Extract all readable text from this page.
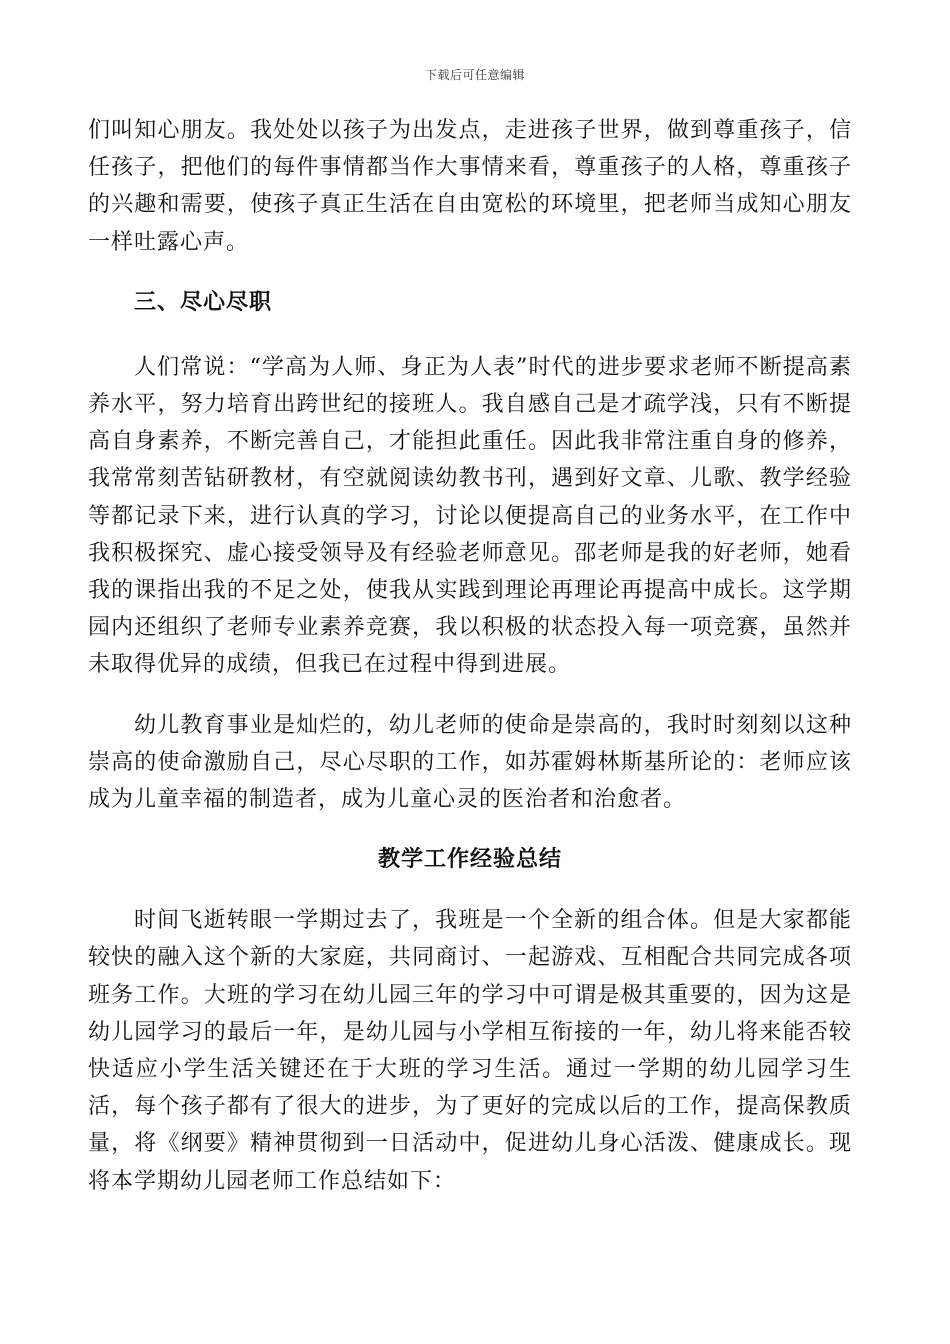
下载后可任意编辑

们叫知心朋友。我处处以孩子为出发点，走进孩子世界，做到尊重孩子，信任孩子，把他们的每件事情都当作大事情来看，尊重孩子的人格，尊重孩子的兴趣和需要，使孩子真正生活在自由宽松的环境里，把老师当成知心朋友一样吐露心声。

三、尽心尽职

人们常说：“学高为人师、身正为人表”时代的进步要求老师不断提高素养水平，努力培育出跨世纪的接班人。我自感自己是才疏学浅，只有不断提高自身素养，不断完善自己，才能担此重任。因此我非常注重自身的修养，我常常刻苦钻研教材，有空就阅读幼教书刊，遇到好文章、儿歌、教学经验等都记录下来，进行认真的学习，讨论以便提高自己的业务水平，在工作中我积极探究、虚心接受领导及有经验老师意见。邵老师是我的好老师，她看我的课指出我的不足之处，使我从实践到理论再理论再提高中成长。这学期园内还组织了老师专业素养竞赛，我以积极的状态投入每一项竞赛，虽然并未取得优异的成绩，但我已在过程中得到进展。

幼儿教育事业是灿烂的，幼儿老师的使命是崇高的，我时时刻刻以这种崇高的使命激励自己，尽心尽职的工作，如苏霍姆林斯基所论的：老师应该成为儿童幸福的制造者，成为儿童心灵的医治者和治愈者。

教学工作经验总结

时间飞逝转眼一学期过去了，我班是一个全新的组合体。但是大家都能较快的融入这个新的大家庭，共同商讨、一起游戏、互相配合共同完成各项班务工作。大班的学习在幼儿园三年的学习中可谓是极其重要的，因为这是幼儿园学习的最后一年，是幼儿园与小学相互衔接的一年，幼儿将来能否较快适应小学生活关键还在于大班的学习生活。通过一学期的幼儿园学习生活，每个孩子都有了很大的进步，为了更好的完成以后的工作，提高保教质量，将《纲要》精神贯彻到一日活动中，促进幼儿身心活泼、健康成长。现将本学期幼儿园老师工作总结如下：
